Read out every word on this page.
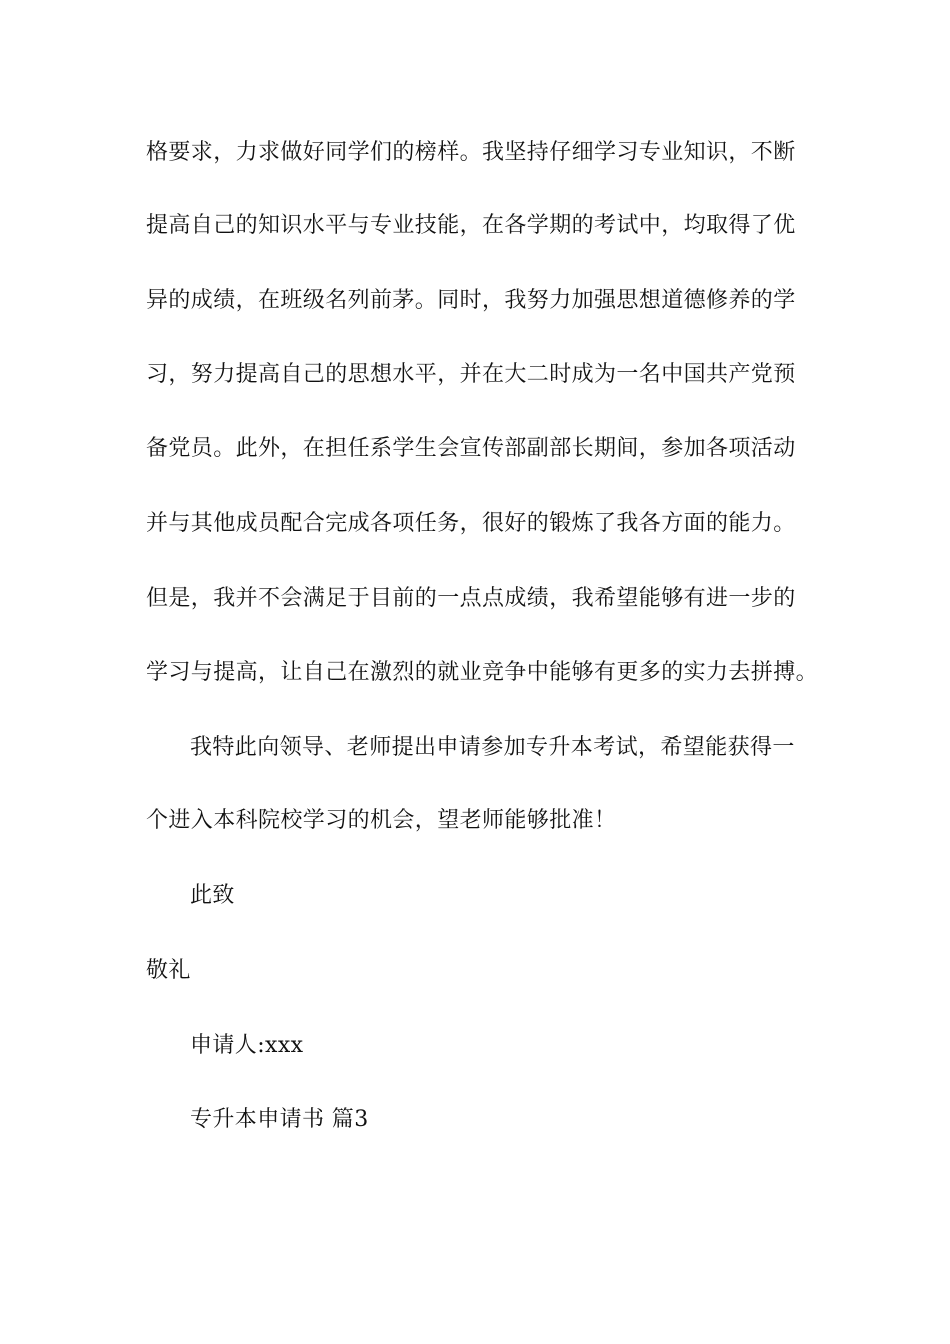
格要求，力求做好同学们的榜样。我坚持仔细学习专业知识，不断
提高自己的知识水平与专业技能，在各学期的考试中，均取得了优
异的成绩，在班级名列前茅。同时，我努力加强思想道德修养的学
习，努力提高自己的思想水平，并在大二时成为一名中国共产党预
备党员。此外，在担任系学生会宣传部副部长期间，参加各项活动
并与其他成员配合完成各项任务，很好的锻炼了我各方面的能力。
但是，我并不会满足于目前的一点点成绩，我希望能够有进一步的
学习与提高，让自己在激烈的就业竞争中能够有更多的实力去拼搏。
我特此向领导、老师提出申请参加专升本考试，希望能获得一
个进入本科院校学习的机会，望老师能够批准！
此致
敬礼
申请人:xxx
专升本申请书 篇3
